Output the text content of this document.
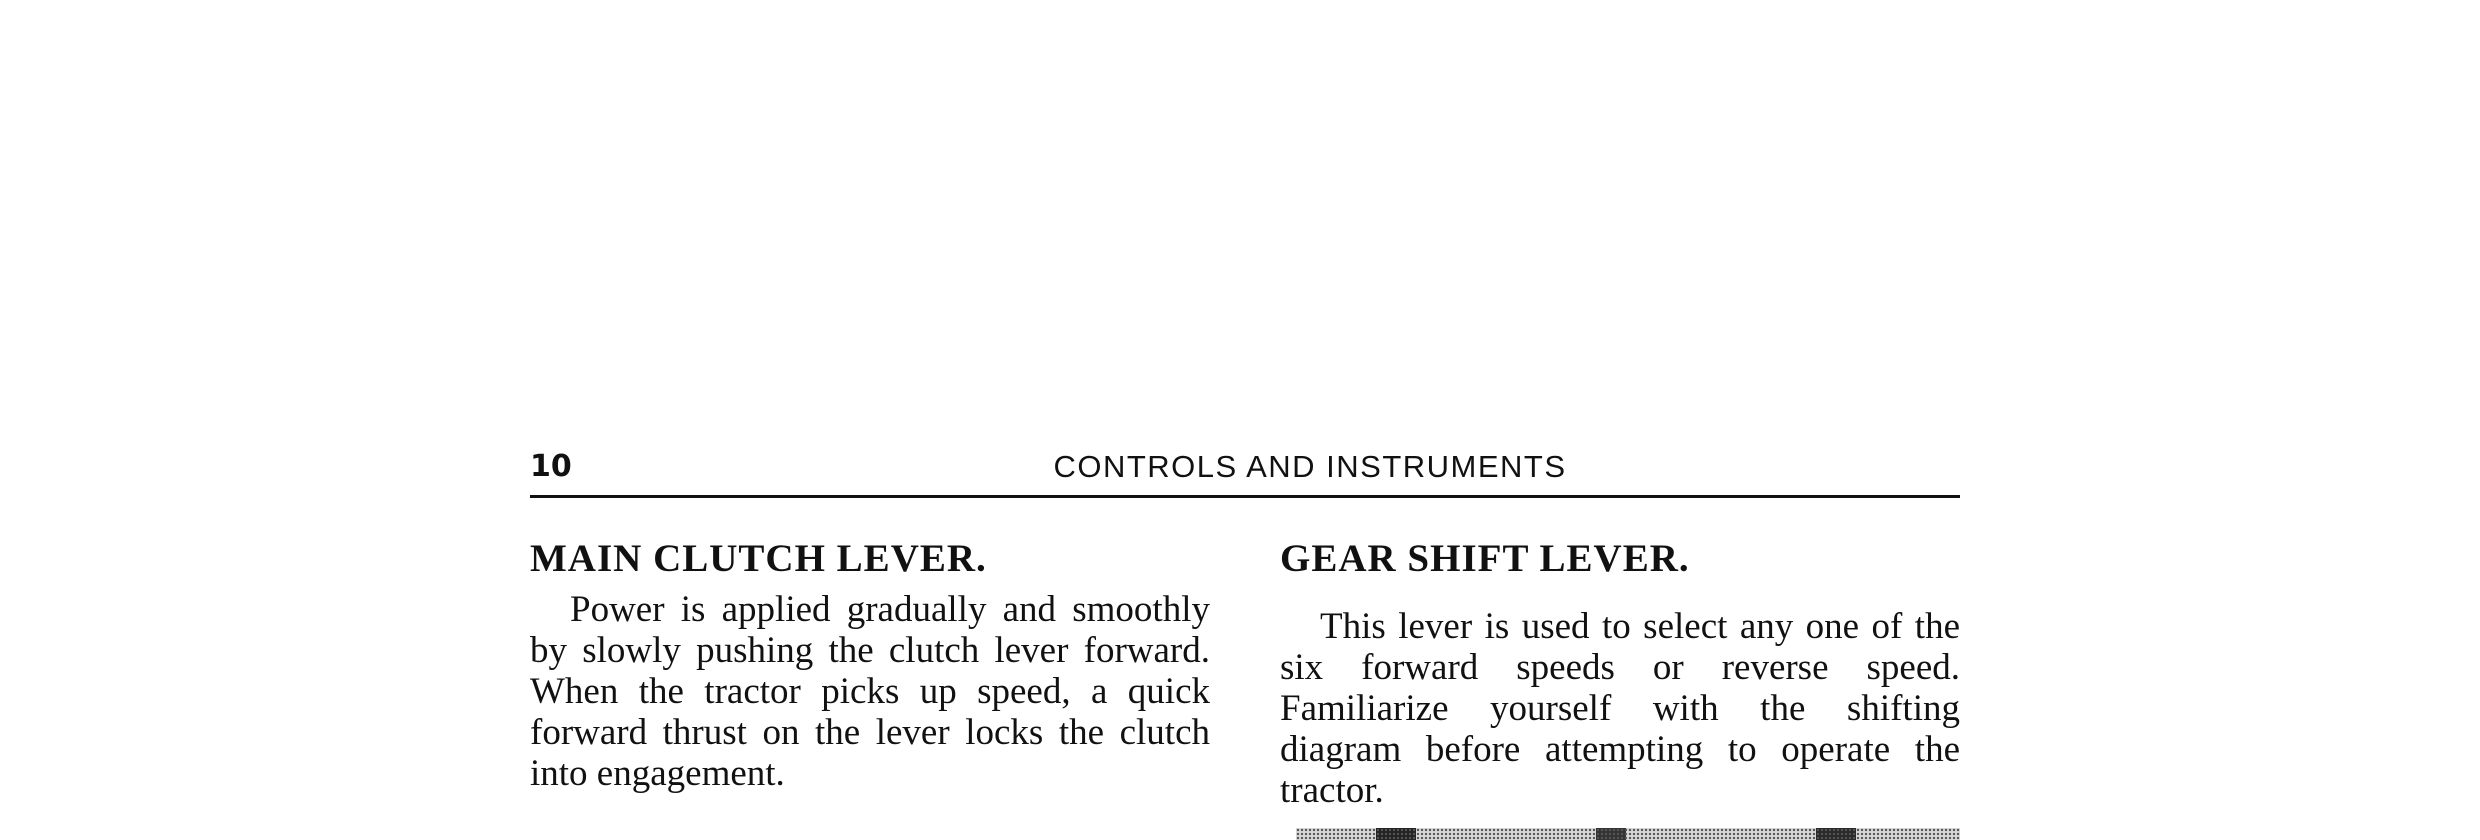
10	CONTROLS AND INSTRUMENTS
MAIN CLUTCH LEVER.

Power is applied gradually and smoothly by slowly pushing the clutch lever forward. When the tractor picks up speed, a quick forward thrust on the lever locks the clutch into engagement.

GEAR SHIFT LEVER.

This lever is used to select any one of the six forward speeds or reverse speed. Familiarize yourself with the shifting diagram before attempting to operate the tractor.
